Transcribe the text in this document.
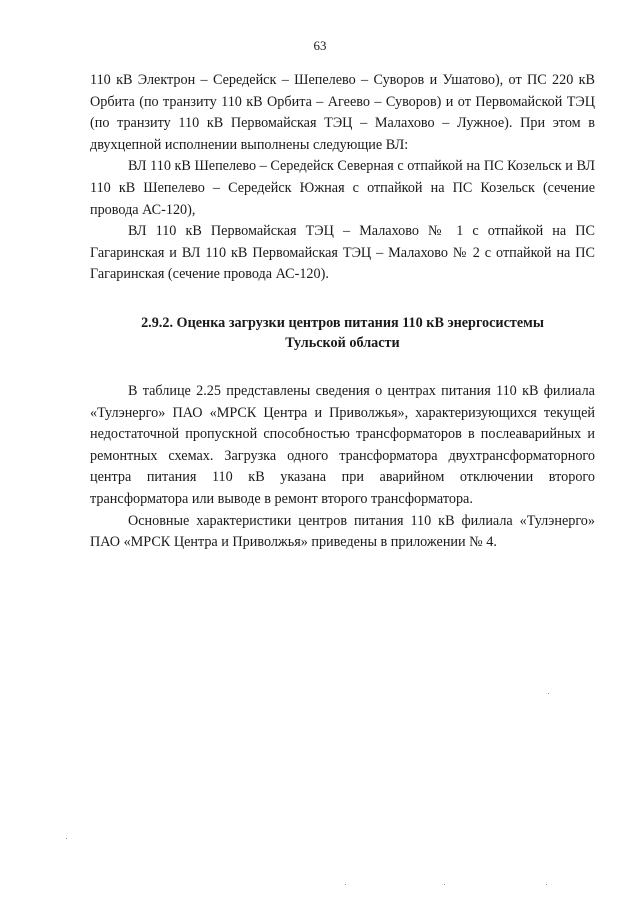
63

110 кВ Электрон – Середейск – Шепелево – Суворов и Ушатово), от ПС 220 кВ Орбита (по транзиту 110 кВ Орбита – Агеево – Суворов) и от Первомайской ТЭЦ (по транзиту 110 кВ Первомайская ТЭЦ – Малахово – Лужное). При этом в двухцепной исполнении выполнены следующие ВЛ:

ВЛ 110 кВ Шепелево – Середейск Северная с отпайкой на ПС Козельск и ВЛ 110 кВ Шепелево – Середейск Южная с отпайкой на ПС Козельск (сечение провода АС-120),

ВЛ 110 кВ Первомайская ТЭЦ – Малахово № 1 с отпайкой на ПС Гагаринская и ВЛ 110 кВ Первомайская ТЭЦ – Малахово № 2 с отпайкой на ПС Гагаринская (сечение провода АС-120).

2.9.2. Оценка загрузки центров питания 110 кВ энергосистемы
Тульской области

В таблице 2.25 представлены сведения о центрах питания 110 кВ филиала «Тулэнерго» ПАО «МРСК Центра и Приволжья», характеризующихся текущей недостаточной пропускной способностью трансформаторов в послеаварийных и ремонтных схемах. Загрузка одного трансформатора двухтрансформаторного центра питания 110 кВ указана при аварийном отключении второго трансформатора или выводе в ремонт второго трансформатора.

Основные характеристики центров питания 110 кВ филиала «Тулэнерго» ПАО «МРСК Центра и Приволжья» приведены в приложении № 4.
